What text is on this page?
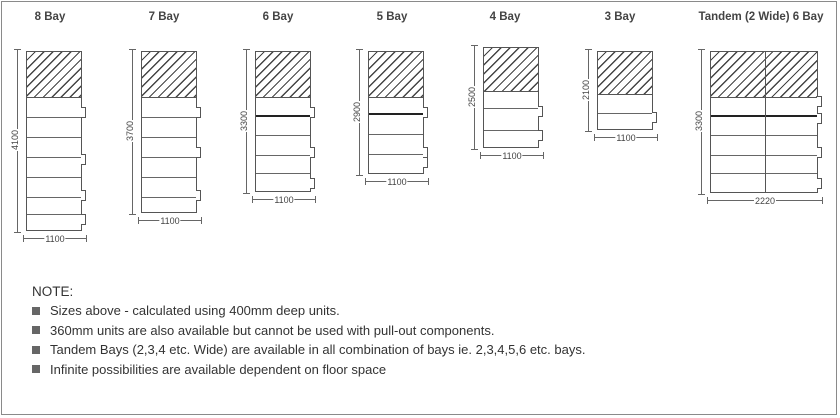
8 Bay
4100
1100
7 Bay
3700
1100
6 Bay
3300
1100
5 Bay
2900
1100
4 Bay
2500
1100
3 Bay
2100
1100
Tandem (2 Wide) 6 Bay
3300
2220
NOTE:
Sizes above - calculated using 400mm deep units.
360mm units are also available but cannot be used with pull-out components.
Tandem Bays (2,3,4 etc. Wide) are available in all combination of bays ie. 2,3,4,5,6 etc. bays.
Infinite possibilities are available dependent on floor space
